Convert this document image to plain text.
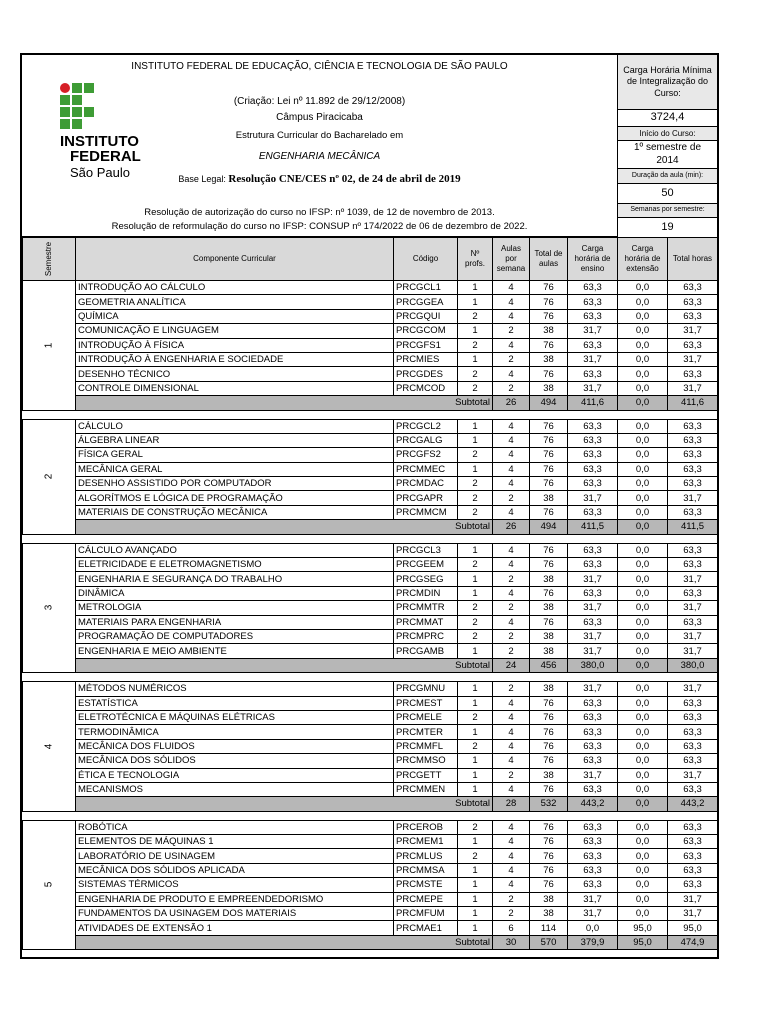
INSTITUTO
FEDERAL
São Paulo
INSTITUTO FEDERAL DE EDUCAÇÃO, CIÊNCIA E TECNOLOGIA DE SÃO PAULO
(Criação: Lei nº 11.892 de 29/12/2008)
Câmpus Piracicaba
Estrutura Curricular do Bacharelado em
ENGENHARIA MECÂNICA
Base Legal: Resolução CNE/CES nº 02, de 24 de abril de 2019
Resolução de autorização do curso no IFSP: nº 1039, de 12 de novembro de 2013.
Resolução de reformulação do curso no IFSP: CONSUP nº 174/2022 de 06 de dezembro de 2022.
Carga Horária Mínima de Integralização do Curso:
3724,4
Início do Curso:
1º semestre de 2014
Duração da aula (min):
50
Semanas por semestre:
19
Semestre	Componente Curricular	Código	Nº profs.	Aulas por semana	Total de aulas	Carga horária de ensino	Carga horária de extensão	Total horas
1	INTRODUÇÃO AO CÁLCULO	PRCGCL1	1	4	76	63,3	0,0	63,3
	GEOMETRIA ANALÍTICA	PRCGGEA	1	4	76	63,3	0,0	63,3
	QUÍMICA	PRCGQUI	2	4	76	63,3	0,0	63,3
	COMUNICAÇÃO E LINGUAGEM	PRCGCOM	1	2	38	31,7	0,0	31,7
	INTRODUÇÃO À FÍSICA	PRCGFS1	2	4	76	63,3	0,0	63,3
	INTRODUÇÃO À ENGENHARIA E SOCIEDADE	PRCMIES	1	2	38	31,7	0,0	31,7
	DESENHO TÉCNICO	PRCGDES	2	4	76	63,3	0,0	63,3
	CONTROLE DIMENSIONAL	PRCMCOD	2	2	38	31,7	0,0	31,7
	Subtotal			26	494	411,6	0,0	411,6

2	CÁLCULO	PRCGCL2	1	4	76	63,3	0,0	63,3
	ÁLGEBRA LINEAR	PRCGALG	1	4	76	63,3	0,0	63,3
	FÍSICA GERAL	PRCGFS2	2	4	76	63,3	0,0	63,3
	MECÂNICA GERAL	PRCMMEC	1	4	76	63,3	0,0	63,3
	DESENHO ASSISTIDO POR COMPUTADOR	PRCMDAC	2	4	76	63,3	0,0	63,3
	ALGORÍTMOS E LÓGICA DE PROGRAMAÇÃO	PRCGAPR	2	2	38	31,7	0,0	31,7
	MATERIAIS DE CONSTRUÇÃO MECÂNICA	PRCMMCM	2	4	76	63,3	0,0	63,3
	Subtotal			26	494	411,5	0,0	411,5

3	CÁLCULO AVANÇADO	PRCGCL3	1	4	76	63,3	0,0	63,3
	ELETRICIDADE E ELETROMAGNETISMO	PRCGEEM	2	4	76	63,3	0,0	63,3
	ENGENHARIA E SEGURANÇA DO TRABALHO	PRCGSEG	1	2	38	31,7	0,0	31,7
	DINÂMICA	PRCMDIN	1	4	76	63,3	0,0	63,3
	METROLOGIA	PRCMMTR	2	2	38	31,7	0,0	31,7
	MATERIAIS PARA ENGENHARIA	PRCMMAT	2	4	76	63,3	0,0	63,3
	PROGRAMAÇÃO DE COMPUTADORES	PRCMPRC	2	2	38	31,7	0,0	31,7
	ENGENHARIA E MEIO AMBIENTE	PRCGAMB	1	2	38	31,7	0,0	31,7
	Subtotal			24	456	380,0	0,0	380,0

4	MÉTODOS NUMÉRICOS	PRCGMNU	1	2	38	31,7	0,0	31,7
	ESTATÍSTICA	PRCMEST	1	4	76	63,3	0,0	63,3
	ELETROTÉCNICA E MÁQUINAS ELÉTRICAS	PRCMELE	2	4	76	63,3	0,0	63,3
	TERMODINÂMICA	PRCMTER	1	4	76	63,3	0,0	63,3
	MECÂNICA DOS FLUIDOS	PRCMMFL	2	4	76	63,3	0,0	63,3
	MECÂNICA DOS SÓLIDOS	PRCMMSO	1	4	76	63,3	0,0	63,3
	ÉTICA E TECNOLOGIA	PRCGETT	1	2	38	31,7	0,0	31,7
	MECANISMOS	PRCMMEN	1	4	76	63,3	0,0	63,3
	Subtotal			28	532	443,2	0,0	443,2

5	ROBÓTICA	PRCEROB	2	4	76	63,3	0,0	63,3
	ELEMENTOS DE MÁQUINAS 1	PRCMEM1	1	4	76	63,3	0,0	63,3
	LABORATÓRIO DE USINAGEM	PRCMLUS	2	4	76	63,3	0,0	63,3
	MECÂNICA DOS SÓLIDOS APLICADA	PRCMMSA	1	4	76	63,3	0,0	63,3
	SISTEMAS TÉRMICOS	PRCMSTE	1	4	76	63,3	0,0	63,3
	ENGENHARIA DE PRODUTO E EMPREENDEDORISMO	PRCMEPE	1	2	38	31,7	0,0	31,7
	FUNDAMENTOS DA USINAGEM DOS MATERIAIS	PRCMFUM	1	2	38	31,7	0,0	31,7
	ATIVIDADES DE EXTENSÃO 1	PRCMAE1	1	6	114	0,0	95,0	95,0
	Subtotal			30	570	379,9	95,0	474,9
